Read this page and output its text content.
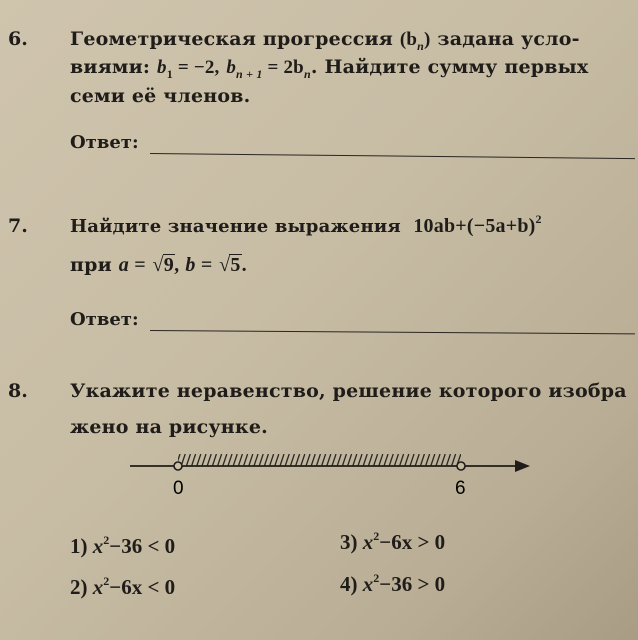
6. Геометрическая прогрессия $(b_n)$ задана усло-
виями: $b_1 = -2$, $b_{n + 1} = 2b_n$. Найдите сумму первых
семи её членов.
Ответ:
7. Найдите значение выражения $10ab+(-5a+b)^2$
при a = √9, b = √5.
Ответ:
8. Укажите неравенство, решение которого изобра
жено на рисунке.
0	6
1) $x^2-36 < 0$	3) $x^2-6x > 0$
2) $x^2-6x < 0$	4) $x^2-36 > 0$
